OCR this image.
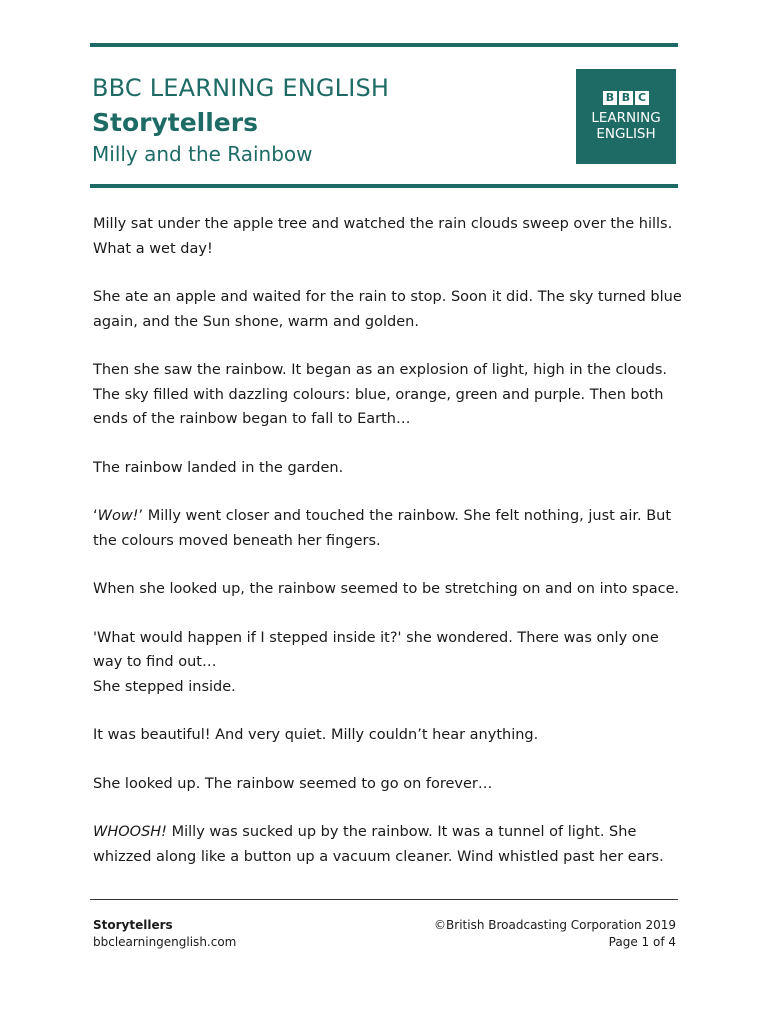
BBC LEARNING ENGLISH
Storytellers
Milly and the Rainbow
B B C
LEARNING
ENGLISH

Milly sat under the apple tree and watched the rain clouds sweep over the hills.
What a wet day!

She ate an apple and waited for the rain to stop. Soon it did. The sky turned blue again, and the Sun shone, warm and golden.

Then she saw the rainbow. It began as an explosion of light, high in the clouds. The sky filled with dazzling colours: blue, orange, green and purple. Then both ends of the rainbow began to fall to Earth…

The rainbow landed in the garden.

‘Wow!’ Milly went closer and touched the rainbow. She felt nothing, just air. But the colours moved beneath her fingers.

When she looked up, the rainbow seemed to be stretching on and on into space.

'What would happen if I stepped inside it?' she wondered. There was only one way to find out…
She stepped inside.

It was beautiful! And very quiet. Milly couldn’t hear anything.

She looked up. The rainbow seemed to go on forever…

WHOOSH! Milly was sucked up by the rainbow. It was a tunnel of light. She whizzed along like a button up a vacuum cleaner. Wind whistled past her ears.

Storytellers
bbclearningenglish.com
©British Broadcasting Corporation 2019
Page 1 of 4
